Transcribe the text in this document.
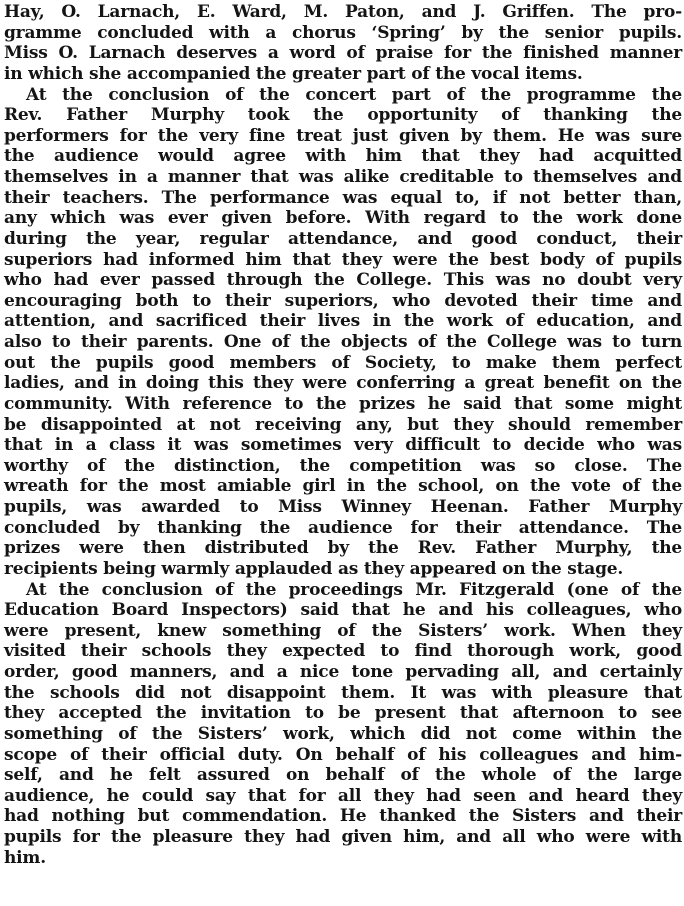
Hay, O. Larnach, E. Ward, M. Paton, and J. Griffen. The pro-
gramme concluded with a chorus ‘Spring’ by the senior pupils.
Miss O. Larnach deserves a word of praise for the finished manner
in which she accompanied the greater part of the vocal items.
At the conclusion of the concert part of the programme the
Rev. Father Murphy took the opportunity of thanking the
performers for the very fine treat just given by them. He was sure
the audience would agree with him that they had acquitted
themselves in a manner that was alike creditable to themselves and
their teachers. The performance was equal to, if not better than,
any which was ever given before. With regard to the work done
during the year, regular attendance, and good conduct, their
superiors had informed him that they were the best body of pupils
who had ever passed through the College. This was no doubt very
encouraging both to their superiors, who devoted their time and
attention, and sacrificed their lives in the work of education, and
also to their parents. One of the objects of the College was to turn
out the pupils good members of Society, to make them perfect
ladies, and in doing this they were conferring a great benefit on the
community. With reference to the prizes he said that some might
be disappointed at not receiving any, but they should remember
that in a class it was sometimes very difficult to decide who was
worthy of the distinction, the competition was so close. The
wreath for the most amiable girl in the school, on the vote of the
pupils, was awarded to Miss Winney Heenan. Father Murphy
concluded by thanking the audience for their attendance. The
prizes were then distributed by the Rev. Father Murphy, the
recipients being warmly applauded as they appeared on the stage.
At the conclusion of the proceedings Mr. Fitzgerald (one of the
Education Board Inspectors) said that he and his colleagues, who
were present, knew something of the Sisters’ work. When they
visited their schools they expected to find thorough work, good
order, good manners, and a nice tone pervading all, and certainly
the schools did not disappoint them. It was with pleasure that
they accepted the invitation to be present that afternoon to see
something of the Sisters’ work, which did not come within the
scope of their official duty. On behalf of his colleagues and him-
self, and he felt assured on behalf of the whole of the large
audience, he could say that for all they had seen and heard they
had nothing but commendation. He thanked the Sisters and their
pupils for the pleasure they had given him, and all who were with
him.
